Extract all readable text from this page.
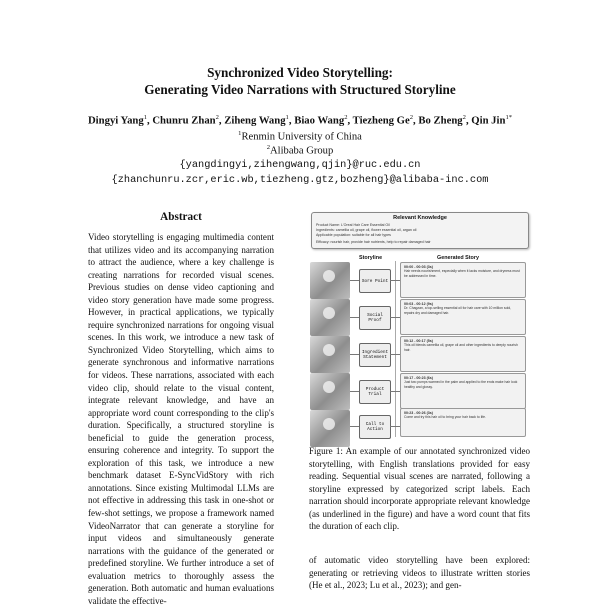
Synchronized Video Storytelling:
Generating Video Narrations with Structured Storyline
Dingyi Yang$^1$, Chunru Zhan$^2$, Ziheng Wang$^1$, Biao Wang$^2$, Tiezheng Ge$^2$, Bo Zheng$^2$, Qin Jin$^{1*}$
$^1$Renmin University of China
$^2$Alibaba Group
{yangdingyi,zihengwang,qjin}@ruc.edu.cn
{zhanchunru.zcr,eric.wb,tiezheng.gtz,bozheng}@alibaba-inc.com
Abstract
Video storytelling is engaging multimedia content that utilizes video and its accompanying narration to attract the audience, where a key challenge is creating narrations for recorded visual scenes. Previous studies on dense video captioning and video story generation have made some progress. However, in practical applications, we typically require synchronized narrations for ongoing visual scenes. In this work, we introduce a new task of Synchronized Video Storytelling, which aims to generate synchronous and informative narrations for videos. These narrations, associated with each video clip, should relate to the visual content, integrate relevant knowledge, and have an appropriate word count corresponding to the clip's duration. Specifically, a structured storyline is beneficial to guide the generation process, ensuring coherence and integrity. To support the exploration of this task, we introduce a new benchmark dataset E-SyncVidStory with rich annotations. Since existing Multimodal LLMs are not effective in addressing this task in one-shot or few-shot settings, we propose a framework named VideoNarrator that can generate a storyline for input videos and simultaneously generate narrations with the guidance of the generated or predefined storyline. We further introduce a set of evaluation metrics to thoroughly assess the generation. Both automatic and human evaluations validate the effective-
Relevant Knowledge
Product Name: L'Oreal Hair Care Essential Oil
Ingredients: camellia oil, grape oil, flower essential oil, argan oil
Applicable population: suitable for all hair types
Efficacy: nourish hair, provide hair nutrients, help to repair damaged hair
Storyline	Generated Story
Sore Point
00:00 - 00:03 (3s)
Hair needs nourishment, especially when it lacks moisture, and dryness must be addressed in time.
Social Proof
00:03 - 00:12 (9s)
Dr. Chagzan, a top-selling essential oil for hair care with 10 million sold, repairs dry and damaged hair.
Ingredient Statement
00:12 - 00:17 (5s)
This oil blends camellia oil, grape oil and other ingredients to deeply nourish hair.
Product Trial
00:17 - 00:23 (6s)
Just two pumps warmed in the palm and applied to the ends make hair look healthy and glossy.
Call to Action
00:23 - 00:26 (3s)
Come and try this hair oil to bring your hair back to life.
Figure 1: An example of our annotated synchronized video storytelling, with English translations provided for easy reading. Sequential visual scenes are narrated, following a storyline expressed by categorized script labels. Each narration should incorporate appropriate relevant knowledge (as underlined in the figure) and have a word count that fits the duration of each clip.
of automatic video storytelling have been explored: generating or retrieving videos to illustrate written stories (He et al., 2023; Lu et al., 2023); and gen-
